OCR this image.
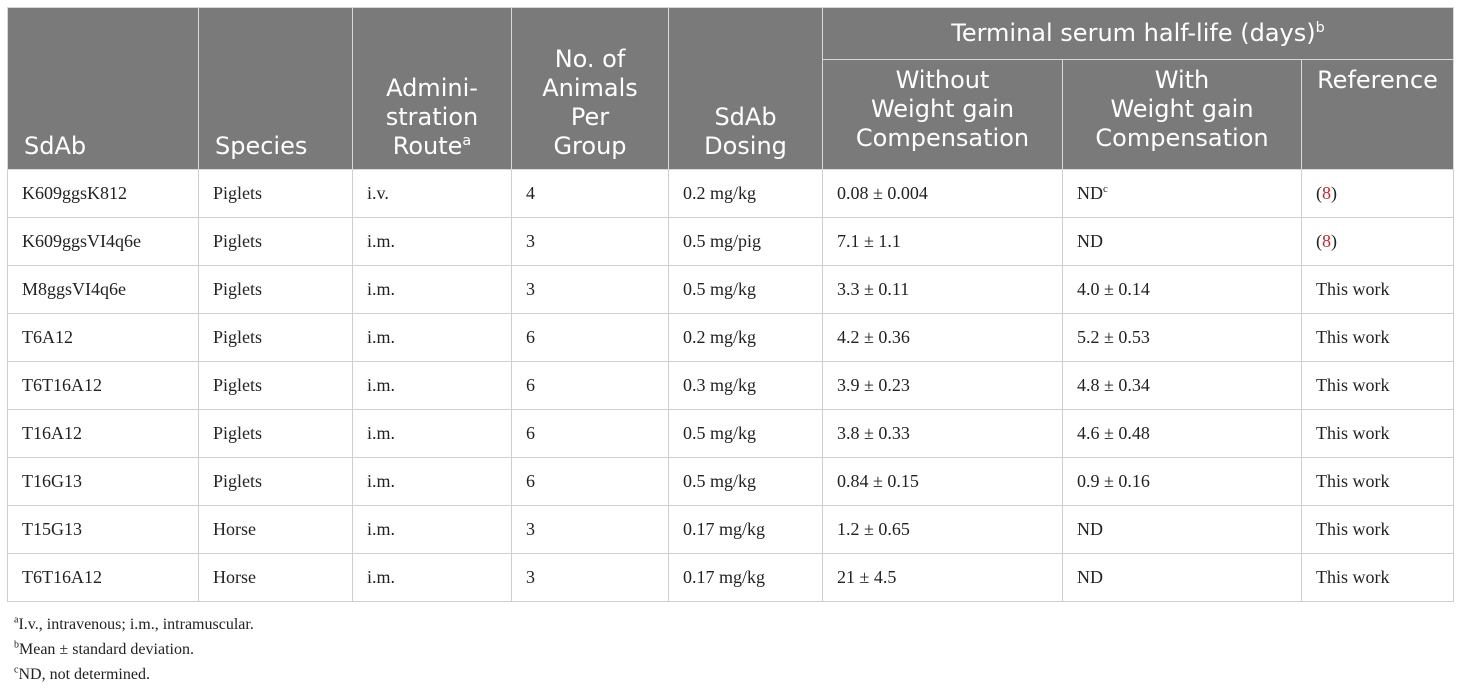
SdAb	Species	Admini-
stration
Route$^a$	No. of
Animals
Per
Group	SdAb
Dosing	Terminal serum half-life (days)$^b$
					Without
Weight gain
Compensation	With
Weight gain
Compensation	Reference
K609ggsK812	Piglets	i.v.	4	0.2 mg/kg	0.08 ± 0.004	$ND^c$	(8)
K609ggsVI4q6e	Piglets	i.m.	3	0.5 mg/pig	7.1 ± 1.1	ND	(8)
M8ggsVI4q6e	Piglets	i.m.	3	0.5 mg/kg	3.3 ± 0.11	4.0 ± 0.14	This work
T6A12	Piglets	i.m.	6	0.2 mg/kg	4.2 ± 0.36	5.2 ± 0.53	This work
T6T16A12	Piglets	i.m.	6	0.3 mg/kg	3.9 ± 0.23	4.8 ± 0.34	This work
T16A12	Piglets	i.m.	6	0.5 mg/kg	3.8 ± 0.33	4.6 ± 0.48	This work
T16G13	Piglets	i.m.	6	0.5 mg/kg	0.84 ± 0.15	0.9 ± 0.16	This work
T15G13	Horse	i.m.	3	0.17 mg/kg	1.2 ± 0.65	ND	This work
T6T16A12	Horse	i.m.	3	0.17 mg/kg	21 ± 4.5	ND	This work
$^a$I.v., intravenous; i.m., intramuscular.
$^b$Mean ± standard deviation.
$^c$ND, not determined.
